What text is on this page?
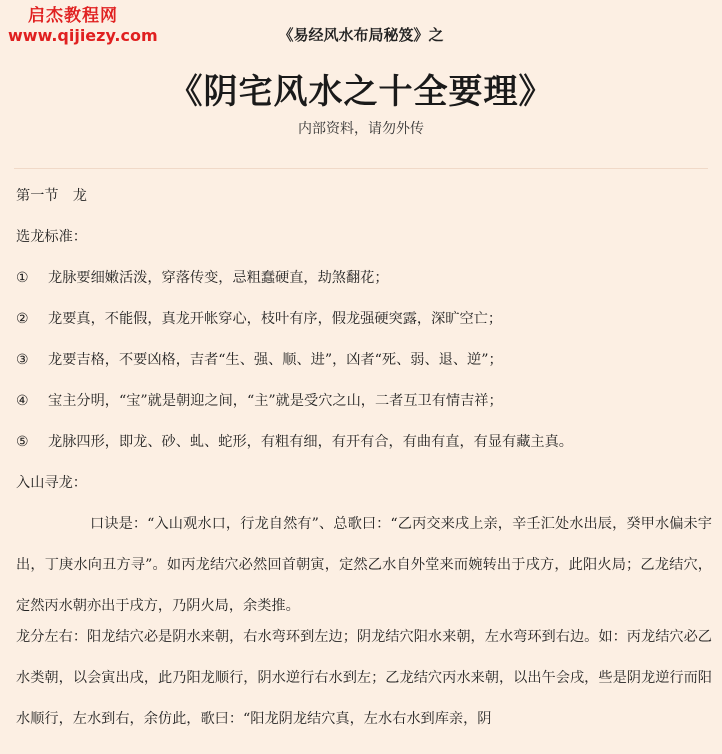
启杰教程网
www.qijiezy.com	《易经风水布局秘笈》之
《阴宅风水之十全要理》
内部资料，请勿外传

第一节　龙

选龙标准：

①	龙脉要细嫩活泼，穿落传变，忌粗蠢硬直，劫煞翻花；
②	龙要真，不能假，真龙开帐穿心，枝叶有序，假龙强硬突露，深旷空亡；
③	龙要吉格，不要凶格，吉者“生、强、顺、进”，凶者“死、弱、退、逆”；
④	宝主分明，“宝”就是朝迎之间，“主”就是受穴之山，二者互卫有情吉祥；
⑤	龙脉四形，即龙、砂、虬、蛇形，有粗有细，有开有合，有曲有直，有显有藏主真。

入山寻龙：

口诀是：“入山观水口，行龙自然有”、总歌曰：“乙丙交来戌上亲，辛壬汇处水出辰，癸甲水偏未宇出，丁庚水向丑方寻”。如丙龙结穴必然回首朝寅，定然乙水自外堂来而婉转出于戌方，此阳火局；乙龙结穴，定然丙水朝亦出于戌方，乃阴火局，余类推。

龙分左右：阳龙结穴必是阴水来朝，右水弯环到左边；阴龙结穴阳水来朝，左水弯环到右边。如：丙龙结穴必乙水类朝，以会寅出戌，此乃阳龙顺行，阴水逆行右水到左；乙龙结穴丙水来朝，以出午会戌，些是阴龙逆行而阳水顺行，左水到右，余仿此，歌曰：“阳龙阴龙结穴真，左水右水到库亲，阴
